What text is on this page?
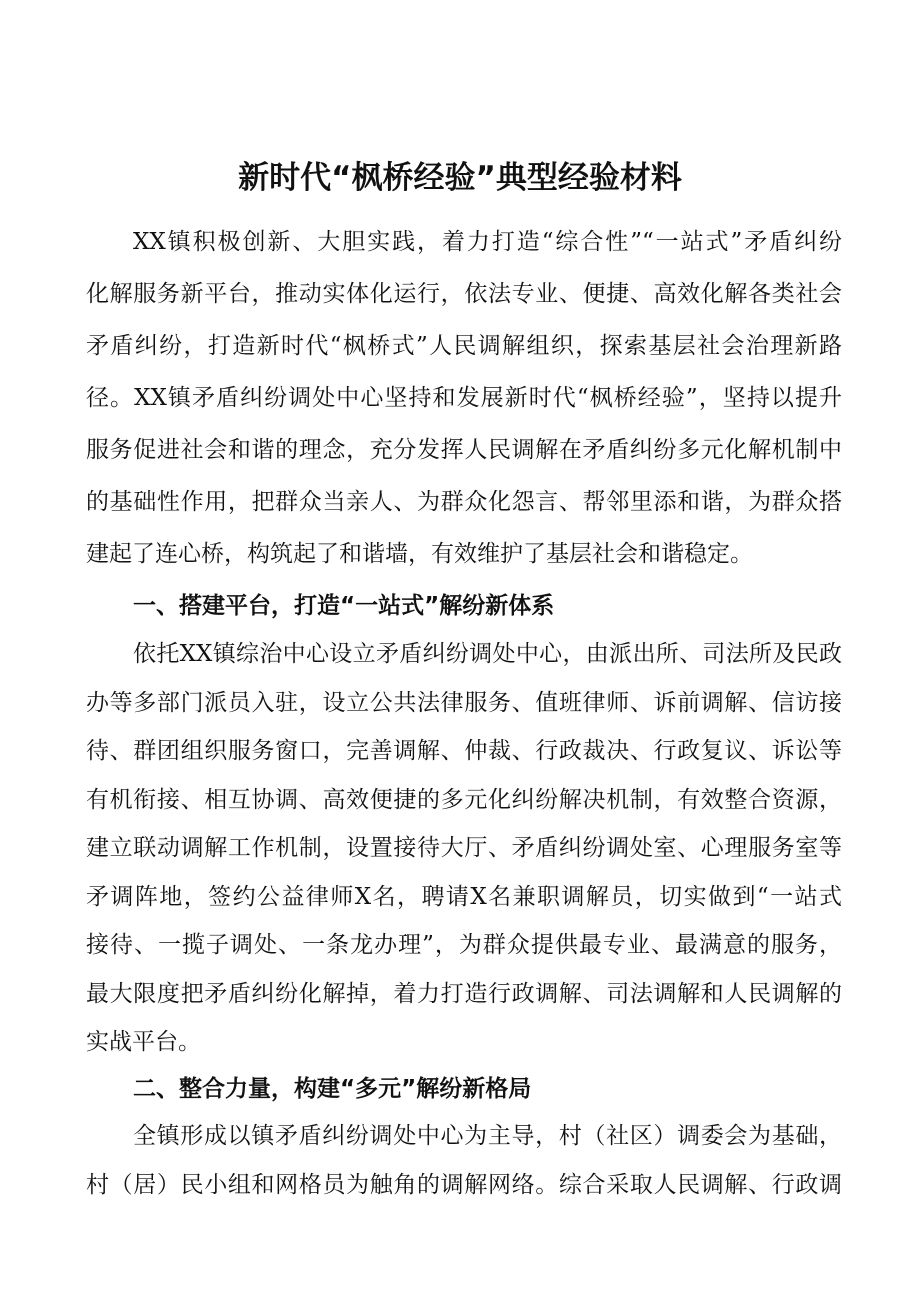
新时代“枫桥经验”典型经验材料
XX镇积极创新、大胆实践，着力打造“综合性”“一站式”矛盾纠纷
化解服务新平台，推动实体化运行，依法专业、便捷、高效化解各类社会
矛盾纠纷，打造新时代“枫桥式”人民调解组织，探索基层社会治理新路
径。XX镇矛盾纠纷调处中心坚持和发展新时代“枫桥经验”，坚持以提升
服务促进社会和谐的理念，充分发挥人民调解在矛盾纠纷多元化解机制中
的基础性作用，把群众当亲人、为群众化怨言、帮邻里添和谐，为群众搭
建起了连心桥，构筑起了和谐墙，有效维护了基层社会和谐稳定。
一、搭建平台，打造“一站式”解纷新体系
依托XX镇综治中心设立矛盾纠纷调处中心，由派出所、司法所及民政
办等多部门派员入驻，设立公共法律服务、值班律师、诉前调解、信访接
待、群团组织服务窗口，完善调解、仲裁、行政裁决、行政复议、诉讼等
有机衔接、相互协调、高效便捷的多元化纠纷解决机制，有效整合资源，
建立联动调解工作机制，设置接待大厅、矛盾纠纷调处室、心理服务室等
矛调阵地，签约公益律师X名，聘请X名兼职调解员，切实做到“一站式
接待、一揽子调处、一条龙办理”，为群众提供最专业、最满意的服务，
最大限度把矛盾纠纷化解掉，着力打造行政调解、司法调解和人民调解的
实战平台。
二、整合力量，构建“多元”解纷新格局
全镇形成以镇矛盾纠纷调处中心为主导，村（社区）调委会为基础，
村（居）民小组和网格员为触角的调解网络。综合采取人民调解、行政调
